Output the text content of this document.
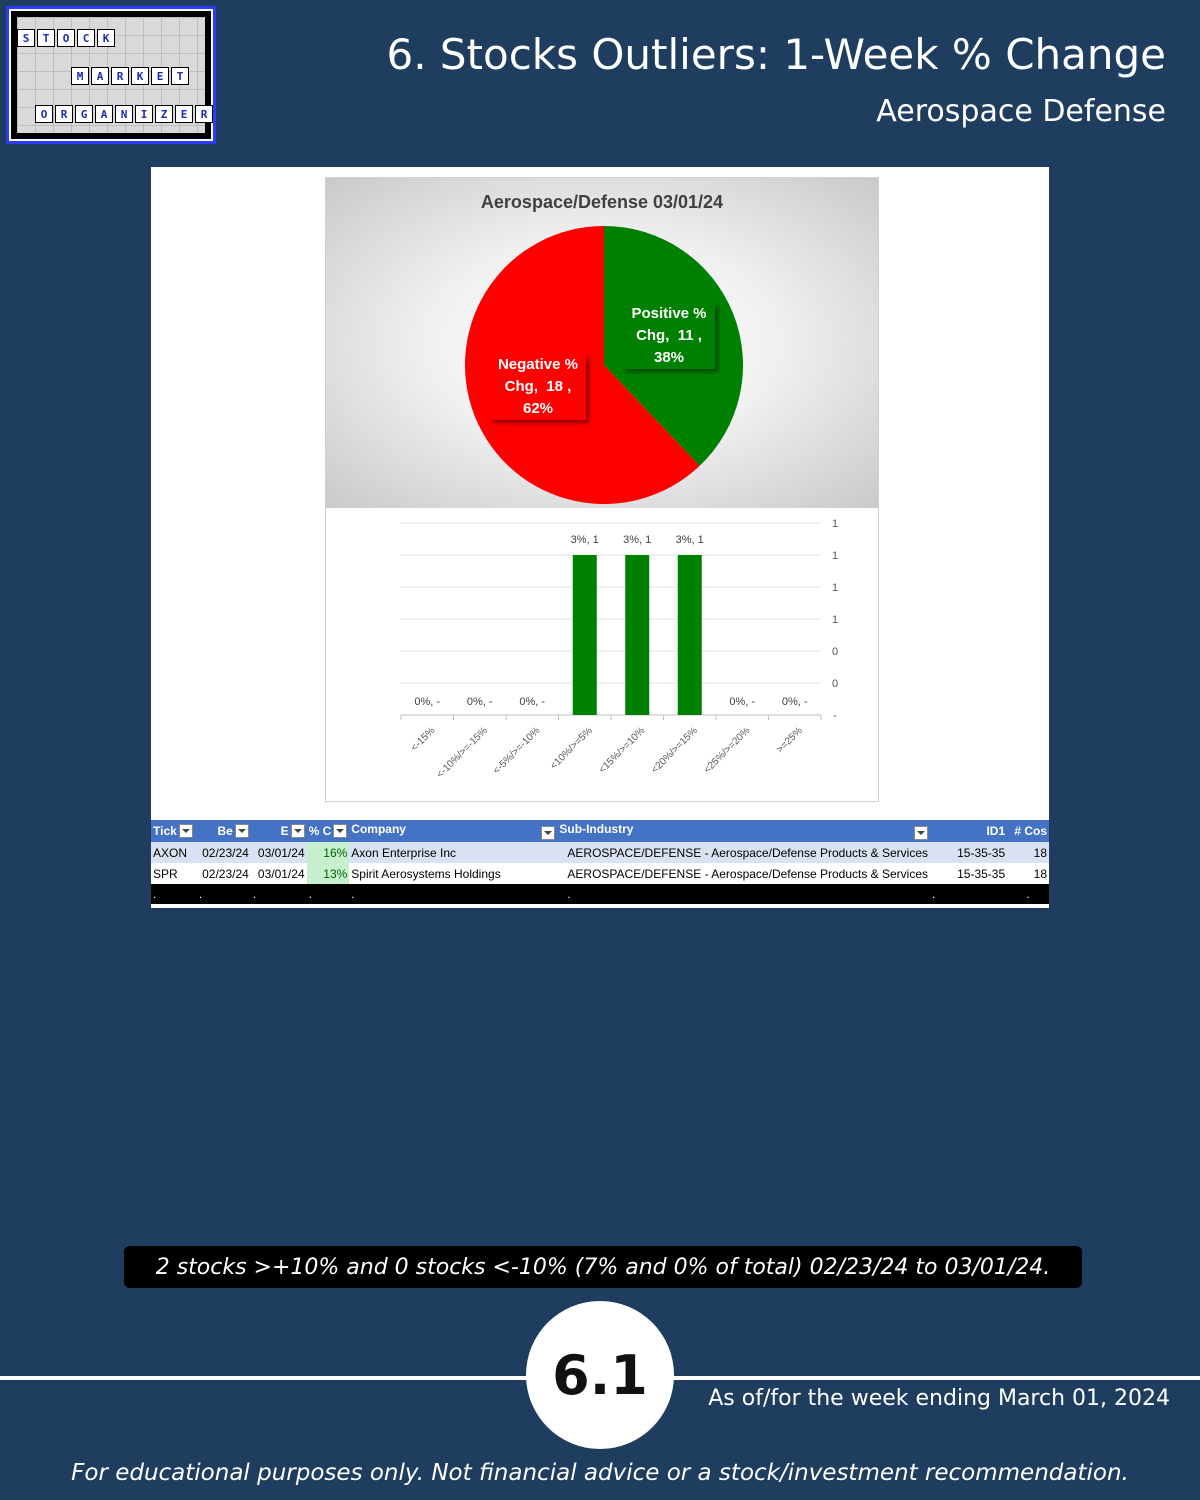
S	T	O	C	K
M	A	R	K	E	T
O	R	G	A	N	I	Z	E	R
6. Stocks Outliers: 1-Week % Change
Aerospace Defense
Aerospace/Defense 03/01/24
Positive %
Chg,  11 ,
38%
Negative %
Chg,  18 ,
62%
-
0
0
1
1
1
1
0%, -
<-15%
0%, -
<-10%/>=-15%
0%, -
<-5%/>=-10%
3%, 1
<10%/>=5%
3%, 1
<15%/>=10%
3%, 1
<20%/>=15%
0%, -
<25%/>=20%
0%, -
>=25%
Tick	Be	E	% C	Company	Sub-Industry	ID1	# Cos
AXON	02/23/24	03/01/24	16%	Axon Enterprise Inc	AEROSPACE/DEFENSE - Aerospace/Defense Products & Services	15-35-35	18
SPR	02/23/24	03/01/24	13%	Spirit Aerosystems Holdings	AEROSPACE/DEFENSE - Aerospace/Defense Products & Services	15-35-35	18
.	.	.	.	.	.	.	.
2 stocks >+10% and 0 stocks <-10% (7% and 0% of total) 02/23/24 to 03/01/24.
6.1	As of/for the week ending March 01, 2024
For educational purposes only. Not financial advice or a stock/investment recommendation.
